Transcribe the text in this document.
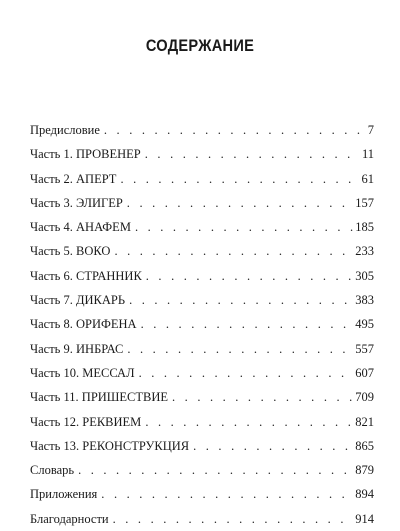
СОДЕРЖАНИЕ
Предисловие . . .	7
Часть 1. ПРОВЕНЕР . . .	11
Часть 2. АПЕРТ . . .	61
Часть 3. ЭЛИГЕР . . .	157
Часть 4. АНАФЕМ . . .	185
Часть 5. ВОКО . . .	233
Часть 6. СТРАННИК . . .	305
Часть 7. ДИКАРЬ . . .	383
Часть 8. ОРИФЕНА . . .	495
Часть 9. ИНБРАС . . .	557
Часть 10. МЕССАЛ . . .	607
Часть 11. ПРИШЕСТВИЕ . . .	709
Часть 12. РЕКВИЕМ . . .	821
Часть 13. РЕКОНСТРУКЦИЯ . . .	865
Словарь . . .	879
Приложения . . .	894
Благодарности . . .	914
